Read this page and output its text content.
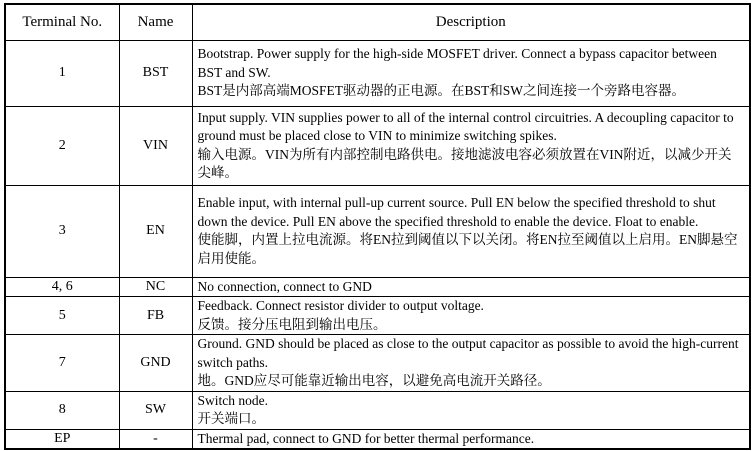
Terminal No.	Name	Description
1	BST	Bootstrap. Power supply for the high-side MOSFET driver. Connect a bypass capacitor between BST and SW.
BST是内部高端MOSFET驱动器的正电源。在BST和SW之间连接一个旁路电容器。

2	VIN	Input supply. VIN supplies power to all of the internal control circuitries. A decoupling capacitor to ground must be placed close to VIN to minimize switching spikes.
输入电源。VIN为所有内部控制电路供电。接地滤波电容必须放置在VIN附近，以减少开关尖峰。

3	EN	Enable input, with internal pull-up current source. Pull EN below the specified threshold to shut down the device. Pull EN above the specified threshold to enable the device. Float to enable.
使能脚，内置上拉电流源。将EN拉到阈值以下以关闭。将EN拉至阈值以上启用。EN脚悬空启用使能。

4, 6	NC	No connection, connect to GND

5	FB	Feedback. Connect resistor divider to output voltage.
反馈。接分压电阻到输出电压。

7	GND	Ground. GND should be placed as close to the output capacitor as possible to avoid the high-current switch paths.
地。GND应尽可能靠近输出电容，以避免高电流开关路径。

8	SW	Switch node.
开关端口。

EP	-	Thermal pad, connect to GND for better thermal performance.
